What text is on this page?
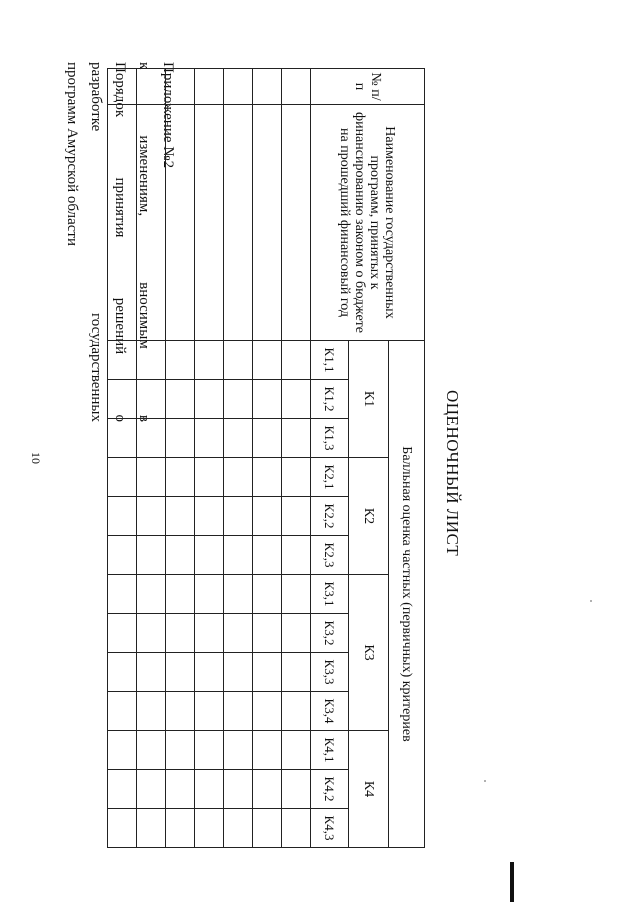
10
Приложение №2
к
изменениям,
вносимым
в
Порядок
принятия
решений
о
разработке
государственных
программ Амурской области
ОЦЕНОЧНЫЙ ЛИСТ
№ п/п	Наименование государственных программ, принятых к финансированию законом о бюджете на прошедший финансовый год	Балльная оценка частных (первичных) критериев												
		К1			К2			К3				К4		
		К1,1	К1,2	К1,3	К2,1	К2,2	К2,3	К3,1	К3,2	К3,3	К3,4	К4,1	К4,2	К4,3
